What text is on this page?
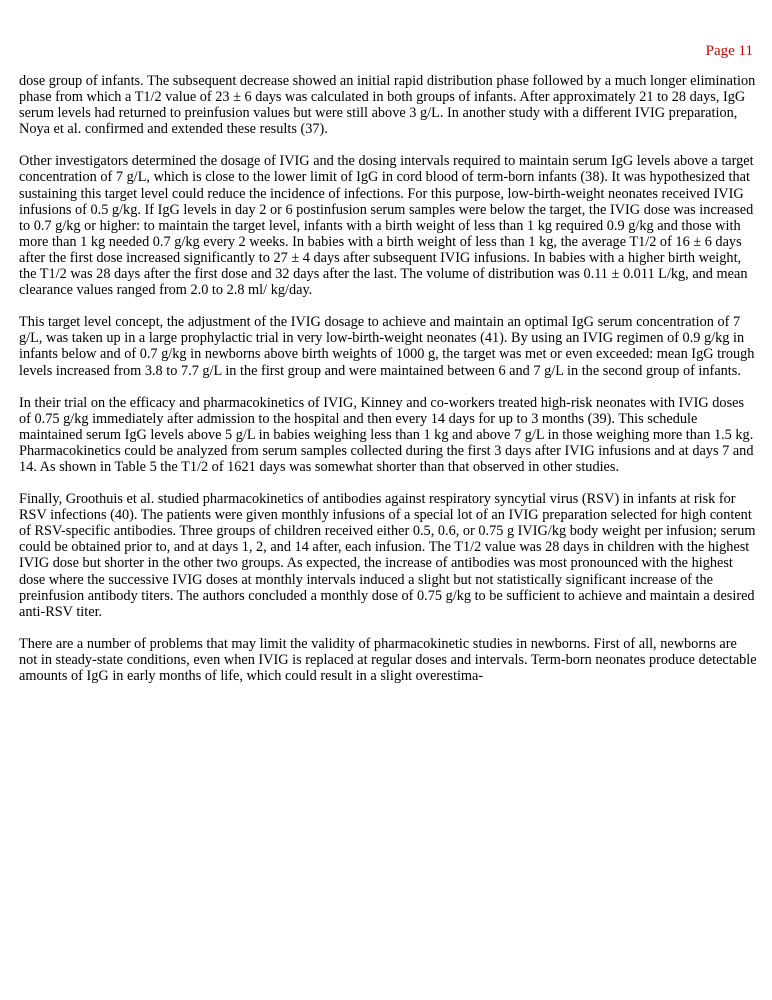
Page 11

dose group of infants. The subsequent decrease showed an initial rapid distribution phase followed by a much longer elimination phase from which a T1/2 value of 23 ± 6 days was calculated in both groups of infants. After approximately 21 to 28 days, IgG serum levels had returned to preinfusion values but were still above 3 g/L. In another study with a different IVIG preparation, Noya et al. confirmed and extended these results (37).

Other investigators determined the dosage of IVIG and the dosing intervals required to maintain serum IgG levels above a target concentration of 7 g/L, which is close to the lower limit of IgG in cord blood of term-born infants (38). It was hypothesized that sustaining this target level could reduce the incidence of infections. For this purpose, low-birth-weight neonates received IVIG infusions of 0.5 g/kg. If IgG levels in day 2 or 6 postinfusion serum samples were below the target, the IVIG dose was increased to 0.7 g/kg or higher: to maintain the target level, infants with a birth weight of less than 1 kg required 0.9 g/kg and those with more than 1 kg needed 0.7 g/kg every 2 weeks. In babies with a birth weight of less than 1 kg, the average T1/2 of 16 ± 6 days after the first dose increased significantly to 27 ± 4 days after subsequent IVIG infusions. In babies with a higher birth weight, the T1/2 was 28 days after the first dose and 32 days after the last. The volume of distribution was 0.11 ± 0.011 L/kg, and mean clearance values ranged from 2.0 to 2.8 ml/ kg/day.

This target level concept, the adjustment of the IVIG dosage to achieve and maintain an optimal IgG serum concentration of 7 g/L, was taken up in a large prophylactic trial in very low-birth-weight neonates (41). By using an IVIG regimen of 0.9 g/kg in infants below and of 0.7 g/kg in newborns above birth weights of 1000 g, the target was met or even exceeded: mean IgG trough levels increased from 3.8 to 7.7 g/L in the first group and were maintained between 6 and 7 g/L in the second group of infants.

In their trial on the efficacy and pharmacokinetics of IVIG, Kinney and co-workers treated high-risk neonates with IVIG doses of 0.75 g/kg immediately after admission to the hospital and then every 14 days for up to 3 months (39). This schedule maintained serum IgG levels above 5 g/L in babies weighing less than 1 kg and above 7 g/L in those weighing more than 1.5 kg. Pharmacokinetics could be analyzed from serum samples collected during the first 3 days after IVIG infusions and at days 7 and 14. As shown in Table 5 the T1/2 of 1621 days was somewhat shorter than that observed in other studies.

Finally, Groothuis et al. studied pharmacokinetics of antibodies against respiratory syncytial virus (RSV) in infants at risk for RSV infections (40). The patients were given monthly infusions of a special lot of an IVIG preparation selected for high content of RSV-specific antibodies. Three groups of children received either 0.5, 0.6, or 0.75 g IVIG/kg body weight per infusion; serum could be obtained prior to, and at days 1, 2, and 14 after, each infusion. The T1/2 value was 28 days in children with the highest IVIG dose but shorter in the other two groups. As expected, the increase of antibodies was most pronounced with the highest dose where the successive IVIG doses at monthly intervals induced a slight but not statistically significant increase of the preinfusion antibody titers. The authors concluded a monthly dose of 0.75 g/kg to be sufficient to achieve and maintain a desired anti-RSV titer.

There are a number of problems that may limit the validity of pharmacokinetic studies in newborns. First of all, newborns are not in steady-state conditions, even when IVIG is replaced at regular doses and intervals. Term-born neonates produce detectable amounts of IgG in early months of life, which could result in a slight overestima-
